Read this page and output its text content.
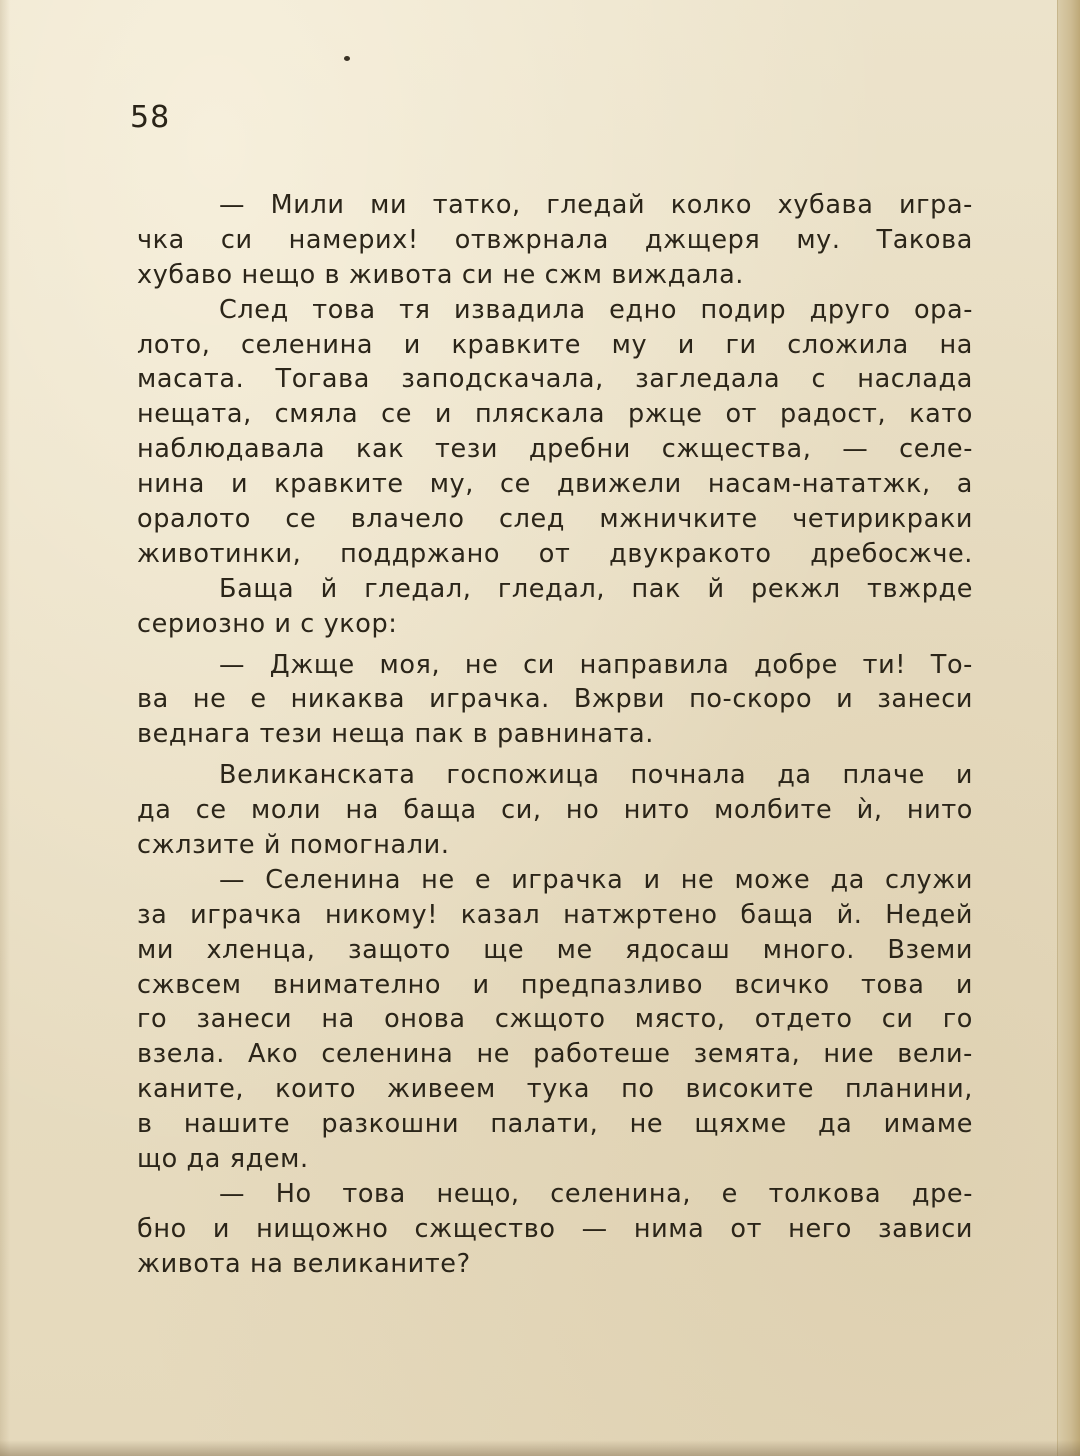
58
— Мили ми татко, гледай колко хубава игра-
чка си намерих! отвжрнала джщеря му. Такова
хубаво нещо в живота си не сжм виждала.
След това тя извадила едно подир друго ора-
лото, селенина и кравките му и ги сложила на
масата. Тогава заподскачала, загледала с наслада
нещата, смяла се и пляскала ржце от радост, като
наблюдавала как тези дребни сжщества, — селе-
нина и кравките му, се движели насам-нататжк, а
оралото се влачело след мжничките четирикраки
животинки, поддржано от двукракото дребосжче.
Баща й гледал, гледал, пак й рекжл твжрде
сериозно и с укор:
— Джще моя, не си направила добре ти! То-
ва не е никаква играчка. Вжрви по-скоро и занеси
веднага тези неща пак в равнината.
Великанската госпожица почнала да плаче и
да се моли на баща си, но нито молбите ѝ, нито
сжлзите й помогнали.
— Селенина не е играчка и не може да служи
за играчка никому! казал натжртено баща й. Недей
ми хленца, защото ще ме ядосаш много. Вземи
сжвсем внимателно и предпазливо всичко това и
го занеси на онова сжщото място, отдето си го
взела. Ако селенина не работеше земята, ние вели-
каните, които живеем тука по високите планини,
в нашите разкошни палати, не щяхме да имаме
що да ядем.
— Но това нещо, селенина, е толкова дре-
бно и нищожно сжщество — нима от него зависи
живота на великаните?
